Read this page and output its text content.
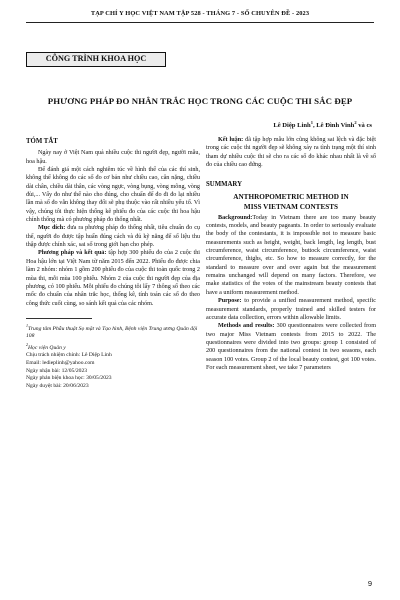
TẠP CHÍ Y HỌC VIỆT NAM TẬP 528 - THÁNG 7 - SỐ CHUYÊN ĐỀ - 2023
CÔNG TRÌNH KHOA HỌC
PHƯƠNG PHÁP ĐO NHÂN TRẮC HỌC TRONG CÁC CUỘC THI SẮC ĐẸP
Lê Diệp Linh$^1$, Lê Đình Vinh$^2$ và cs
TÓM TẮT

Ngày nay ở Việt Nam quả nhiều cuộc thi người đẹp, người mẫu, hoa hậu.

Để đánh giá một cách nghiêm túc về hình thể của các thí sinh, không thể không đo các số đo cơ bản như chiều cao, cân nặng, chiều dài chân, chiều dài thân, các vòng ngực, vòng bụng, vòng mông, vòng đùi,... Vấy đo như thế nào cho đúng, cho chuẩn để đo đi đo lại nhiều lần mà số đo vẫn không thay đổi sẽ phụ thuộc vào rất nhiều yếu tố. Vì vậy, chúng tôi thực hiện thống kê phiếu đo của các cuộc thi hoa hậu chính thống mà có phương pháp đo thống nhất.

Mục đích: đưa ra phương pháp đo thống nhất, tiêu chuẩn đo cụ thể, người đo được tập huấn đúng cách và đủ kỹ năng để số liệu thu thập được chính xác, sai số trong giới hạn cho phép.

Phương pháp và kết quả: tập hợp 300 phiếu đo của 2 cuộc thi Hoa hậu lớn tại Việt Nam từ năm 2015 đến 2022. Phiếu đo được chia làm 2 nhóm: nhóm 1 gồm 200 phiếu đo của cuộc thi toàn quốc trong 2 mùa thi, mỗi mùa 100 phiếu. Nhóm 2 của cuộc thi người đẹp của địa phương, có 100 phiếu. Mỗi phiếu đo chúng tôi lấy 7 thông số theo các mốc đo chuẩn của nhân trắc học, thống kê, tính toán các số đo theo công thức cuối cùng, so sánh kết quả của các nhóm.

$^1$Trung tâm Phẫu thuật Sọ mặt và Tạo hình, Bệnh viện Trung ương Quân đội 108
$^2$Học viện Quân y
Chịu trách nhiệm chính: Lê Diệp Linh
Email: ledieplinh@yahoo.com
Ngày nhận bài: 12/05/2023
Ngày phản biện khoa học: 30/05/2023
Ngày duyệt bài: 20/06/2023

Kết luận: đã tập hợp mẫu lớn cũng không sai lệch và đặc biệt trong các cuộc thi người đẹp sẽ không xảy ra tình trạng một thí sinh tham dự nhiều cuộc thi sẽ cho ra các số đo khác nhau nhất là về số đo của chiều cao đứng.

SUMMARY
ANTHROPOMETRIC METHOD IN
MISS VIETNAM CONTESTS

Background:Today in Vietnam there are too many beauty contests, models, and beauty pageants. In order to seriously evaluate the body of the contestants, it is impossible not to measure basic measurements such as height, weight, back length, leg length, bust circumference, waist circumference, buttock circumference, waist circumference, thighs, etc. So how to measure correctly, for the standard to measure over and over again but the measurement remains unchanged will depend on many factors. Therefore, we make statistics of the votes of the mainstream beauty contests that have a uniform measurement method.

Purpose: to provide a unified measurement method, specific measurement standards, properly trained and skilled testers for accurate data collection, errors within allowable limits.

Methods and results: 300 questionnaires were collected from two major Miss Vietnam contests from 2015 to 2022. The questionnaires were divided into two groups: group 1 consisted of 200 questionnaires from the national contest in two seasons, each season 100 votes. Group 2 of the local beauty contest, got 100 votes. For each measurement sheet, we take 7 parameters

9
